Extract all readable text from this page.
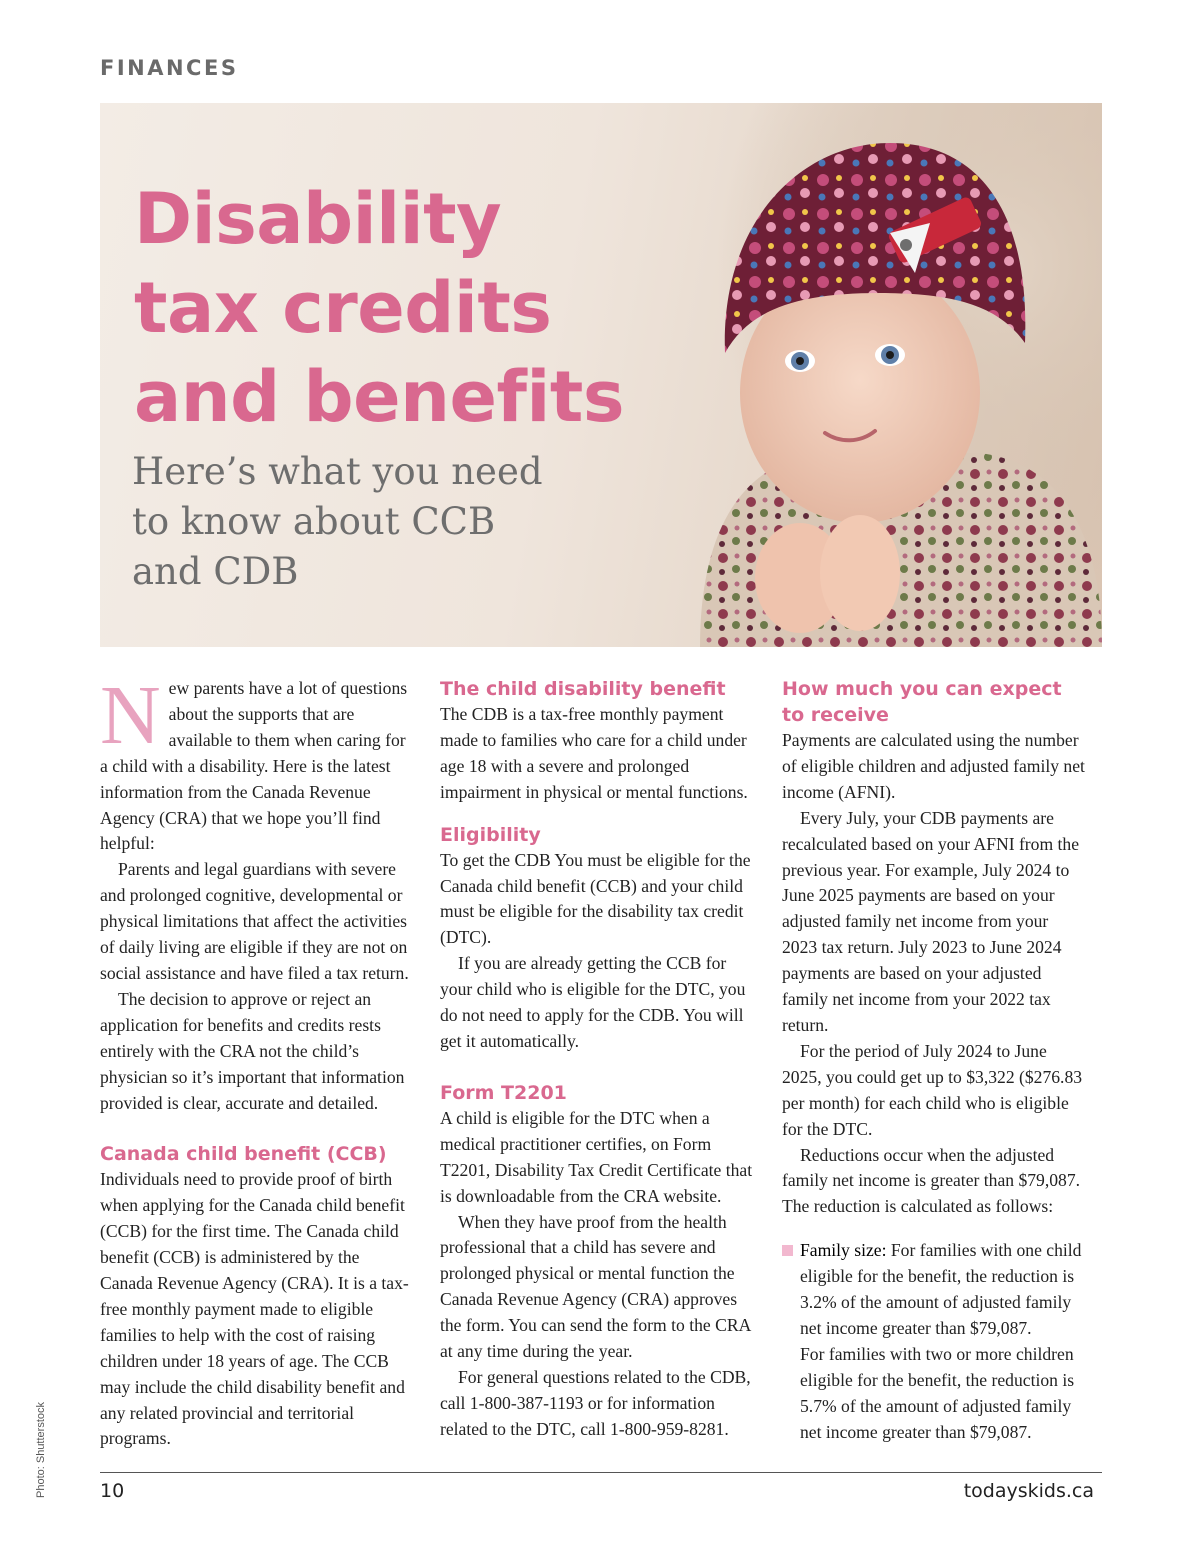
FINANCES
Disability
tax credits
and benefits

Here’s what you need
to know about CCB
and CDB

New parents have a lot of questions about the supports that are available to them when caring for a child with a disability. Here is the latest information from the Canada Revenue Agency (CRA) that we hope you’ll find helpful:

Parents and legal guardians with severe and prolonged cognitive, developmental or physical limitations that affect the activities of daily living are eligible if they are not on social assistance and have filed a tax return.

The decision to approve or reject an application for benefits and credits rests entirely with the CRA not the child’s physician so it’s important that information provided is clear, accurate and detailed.

Canada child benefit (CCB)

Individuals need to provide proof of birth when applying for the Canada child benefit (CCB) for the first time. The Canada child benefit (CCB) is administered by the Canada Revenue Agency (CRA). It is a tax-free monthly payment made to eligible families to help with the cost of raising children under 18 years of age. The CCB may include the child disability benefit and any related provincial and territorial programs.

The child disability benefit

The CDB is a tax-free monthly payment made to families who care for a child under age 18 with a severe and prolonged impairment in physical or mental functions.

Eligibility

To get the CDB You must be eligible for the Canada child benefit (CCB) and your child must be eligible for the disability tax credit (DTC).

If you are already getting the CCB for your child who is eligible for the DTC, you do not need to apply for the CDB. You will get it automatically.

Form T2201

A child is eligible for the DTC when a medical practitioner certifies, on Form T2201, Disability Tax Credit Certificate that is downloadable from the CRA website.

When they have proof from the health professional that a child has severe and prolonged physical or mental function the Canada Revenue Agency (CRA) approves the form. You can send the form to the CRA at any time during the year.

For general questions related to the CDB, call 1-800-387-1193 or for information related to the DTC, call 1-800-959-8281.

How much you can expect to receive

Payments are calculated using the number of eligible children and adjusted family net income (AFNI).

Every July, your CDB payments are recalculated based on your AFNI from the previous year. For example, July 2024 to June 2025 payments are based on your adjusted family net income from your 2023 tax return. July 2023 to June 2024 payments are based on your adjusted family net income from your 2022 tax return.

For the period of July 2024 to June 2025, you could get up to $3,322 ($276.83 per month) for each child who is eligible for the DTC.

Reductions occur when the adjusted family net income is greater than $79,087. The reduction is calculated as follows:

Family size: For families with one child eligible for the benefit, the reduction is 3.2% of the amount of adjusted family net income greater than $79,087.

For families with two or more children eligible for the benefit, the reduction is 5.7% of the amount of adjusted family net income greater than $79,087.

Photo: Shutterstock	10	todayskids.ca
